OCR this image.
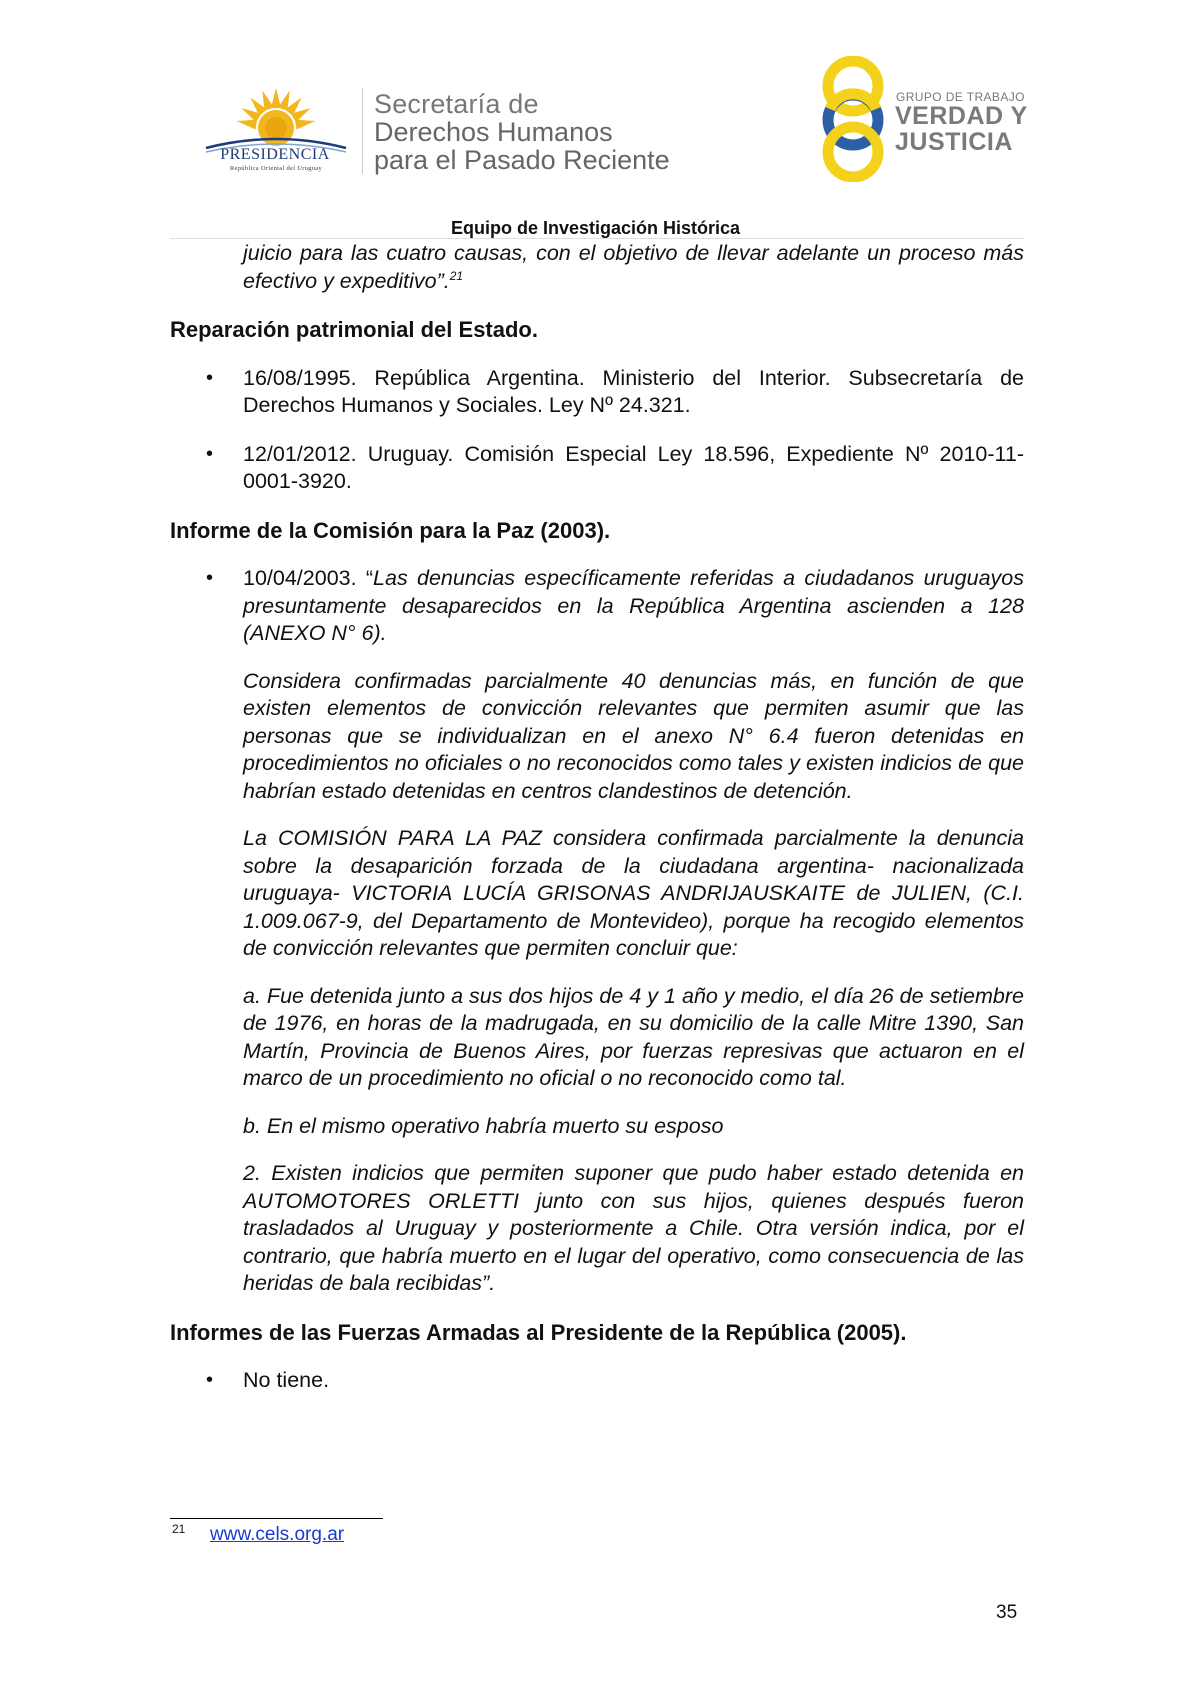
PRESIDENCIA
República Oriental del Uruguay
Secretaría de
Derechos Humanos
para el Pasado Reciente
GRUPO DE TRABAJO
VERDAD Y
JUSTICIA
Equipo de Investigación Histórica

juicio para las cuatro causas, con el objetivo de llevar adelante un proceso más efectivo y expeditivo”.$^{21}$

Reparación patrimonial del Estado.
• 16/08/1995. República Argentina. Ministerio del Interior. Subsecretaría de Derechos Humanos y Sociales. Ley Nº 24.321.
• 12/01/2012. Uruguay. Comisión Especial Ley 18.596, Expediente Nº 2010-11-0001-3920.
Informe de la Comisión para la Paz (2003).
• 10/04/2003. “Las denuncias específicamente referidas a ciudadanos uruguayos presuntamente desaparecidos en la República Argentina ascienden a 128 (ANEXO N° 6).

Considera confirmadas parcialmente 40 denuncias más, en función de que existen elementos de convicción relevantes que permiten asumir que las personas que se individualizan en el anexo N° 6.4 fueron detenidas en procedimientos no oficiales o no reconocidos como tales y existen indicios de que habrían estado detenidas en centros clandestinos de detención.

La COMISIÓN PARA LA PAZ considera confirmada parcialmente la denuncia sobre la desaparición forzada de la ciudadana argentina- nacionalizada uruguaya- VICTORIA LUCÍA GRISONAS ANDRIJAUSKAITE de JULIEN, (C.I. 1.009.067-9, del Departamento de Montevideo), porque ha recogido elementos de convicción relevantes que permiten concluir que:

a. Fue detenida junto a sus dos hijos de 4 y 1 año y medio, el día 26 de setiembre de 1976, en horas de la madrugada, en su domicilio de la calle Mitre 1390, San Martín, Provincia de Buenos Aires, por fuerzas represivas que actuaron en el marco de un procedimiento no oficial o no reconocido como tal.

b. En el mismo operativo habría muerto su esposo

2. Existen indicios que permiten suponer que pudo haber estado detenida en AUTOMOTORES ORLETTI junto con sus hijos, quienes después fueron trasladados al Uruguay y posteriormente a Chile. Otra versión indica, por el contrario, que habría muerto en el lugar del operativo, como consecuencia de las heridas de bala recibidas”.

Informes de las Fuerzas Armadas al Presidente de la República (2005).
• No tiene.
21 www.cels.org.ar
35
